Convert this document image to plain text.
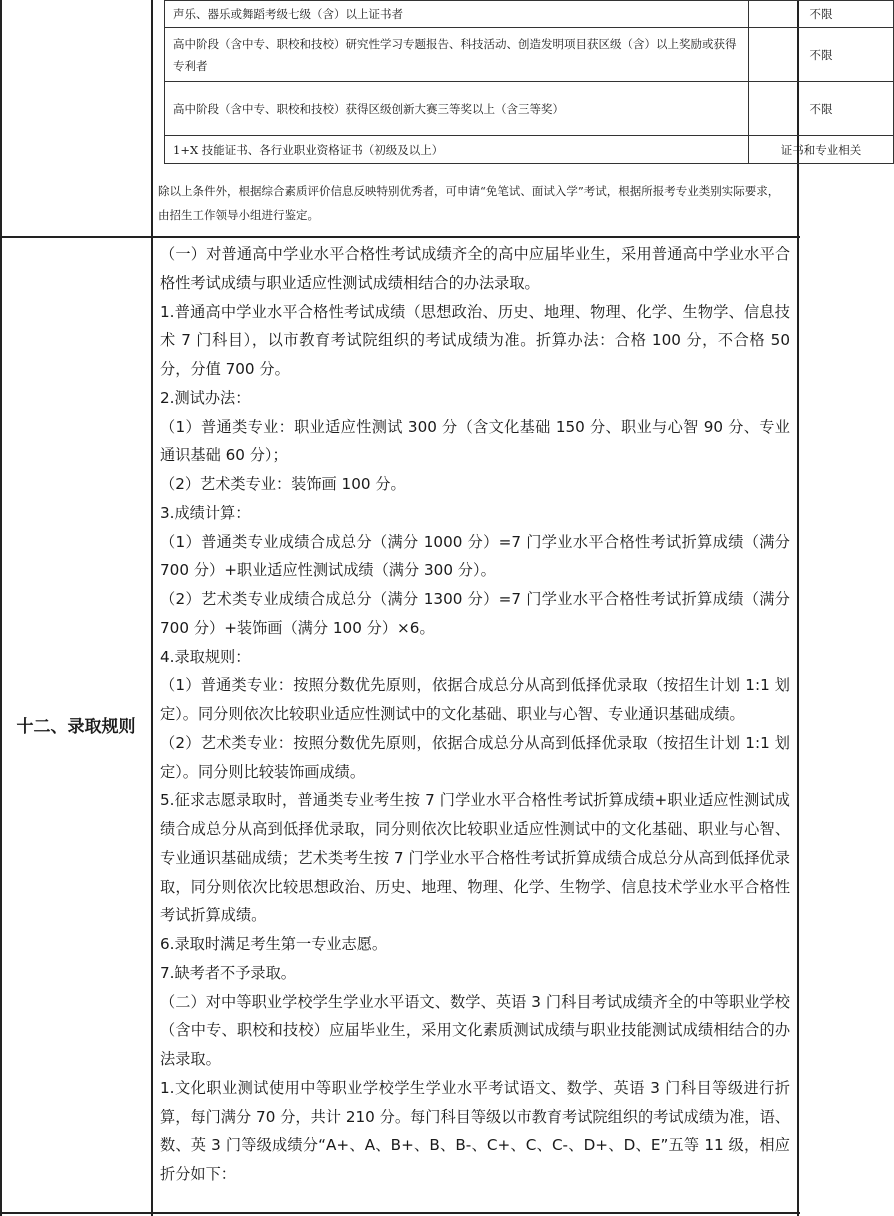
声乐、器乐或舞蹈考级七级（含）以上证书者	不限
高中阶段（含中专、职校和技校）研究性学习专题报告、科技活动、创造发明项目获区级（含）以上奖励或获得专利者	不限
高中阶段（含中专、职校和技校）获得区级创新大赛三等奖以上（含三等奖）	不限
1+X 技能证书、各行业职业资格证书（初级及以上）	证书和专业相关
除以上条件外，根据综合素质评价信息反映特别优秀者，可申请“免笔试、面试入学”考试，根据所报考专业类别实际要求，由招生工作领导小组进行鉴定。
十二、录取规则

（一）对普通高中学业水平合格性考试成绩齐全的高中应届毕业生，采用普通高中学业水平合格性考试成绩与职业适应性测试成绩相结合的办法录取。

1.普通高中学业水平合格性考试成绩（思想政治、历史、地理、物理、化学、生物学、信息技术 7 门科目），以市教育考试院组织的考试成绩为准。折算办法：合格 100 分，不合格 50 分，分值 700 分。

2.测试办法：

（1）普通类专业：职业适应性测试 300 分（含文化基础 150 分、职业与心智 90 分、专业通识基础 60 分）；

（2）艺术类专业：装饰画 100 分。

3.成绩计算：

（1）普通类专业成绩合成总分（满分 1000 分）=7 门学业水平合格性考试折算成绩（满分 700 分）+职业适应性测试成绩（满分 300 分）。

（2）艺术类专业成绩合成总分（满分 1300 分）=7 门学业水平合格性考试折算成绩（满分 700 分）+装饰画（满分 100 分）×6。

4.录取规则：

（1）普通类专业：按照分数优先原则，依据合成总分从高到低择优录取（按招生计划 1:1 划定）。同分则依次比较职业适应性测试中的文化基础、职业与心智、专业通识基础成绩。

（2）艺术类专业：按照分数优先原则，依据合成总分从高到低择优录取（按招生计划 1:1 划定）。同分则比较装饰画成绩。

5.征求志愿录取时，普通类专业考生按 7 门学业水平合格性考试折算成绩+职业适应性测试成绩合成总分从高到低择优录取，同分则依次比较职业适应性测试中的文化基础、职业与心智、专业通识基础成绩；艺术类考生按 7 门学业水平合格性考试折算成绩合成总分从高到低择优录取，同分则依次比较思想政治、历史、地理、物理、化学、生物学、信息技术学业水平合格性考试折算成绩。

6.录取时满足考生第一专业志愿。

7.缺考者不予录取。

（二）对中等职业学校学生学业水平语文、数学、英语 3 门科目考试成绩齐全的中等职业学校（含中专、职校和技校）应届毕业生，采用文化素质测试成绩与职业技能测试成绩相结合的办法录取。

1.文化职业测试使用中等职业学校学生学业水平考试语文、数学、英语 3 门科目等级进行折算，每门满分 70 分，共计 210 分。每门科目等级以市教育考试院组织的考试成绩为准，语、数、英 3 门等级成绩分“A+、A、B+、B、B-、C+、C、C-、D+、D、E”五等 11 级，相应折分如下：
